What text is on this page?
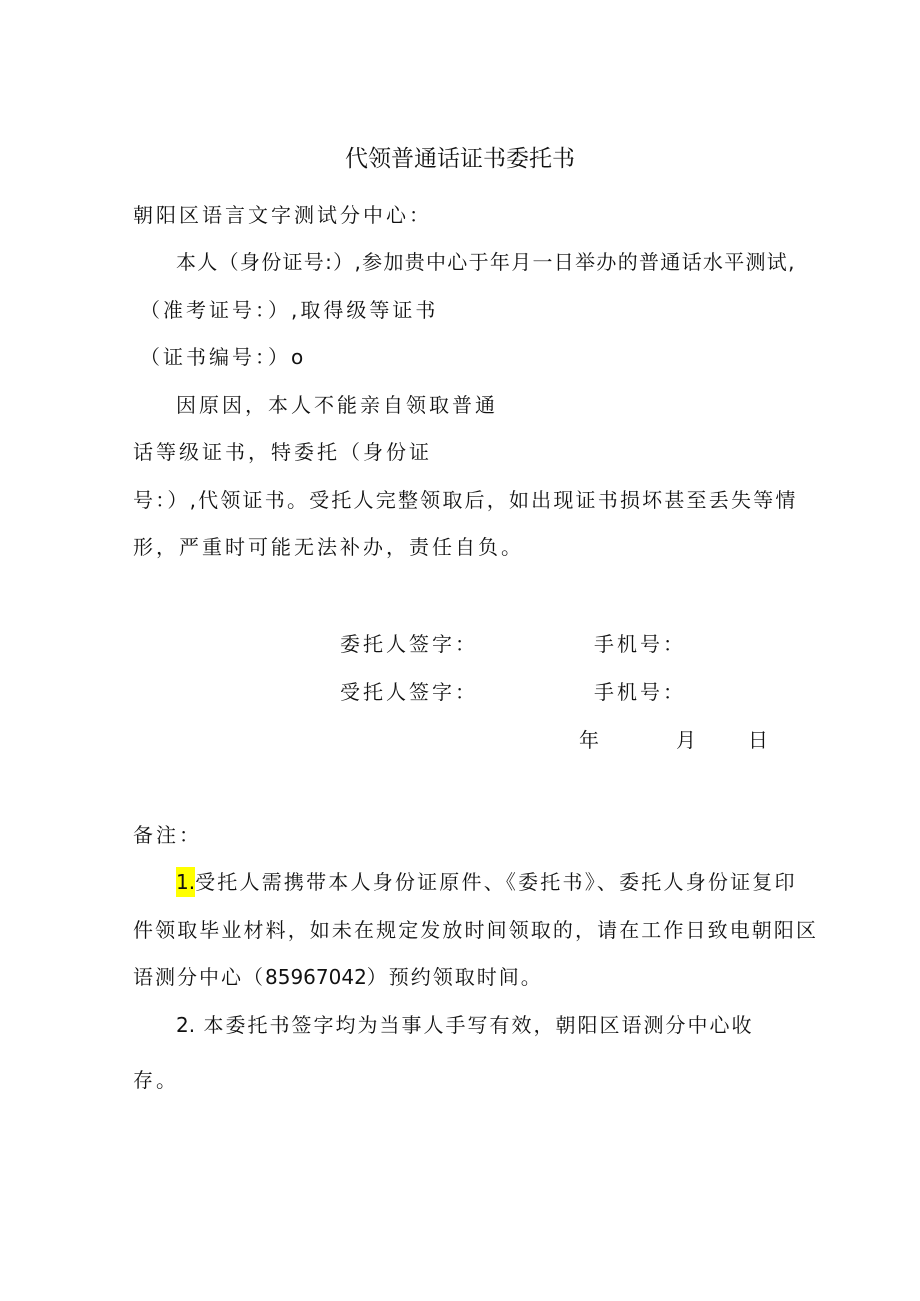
代领普通话证书委托书
朝阳区语言文字测试分中心：
本人（身份证号:）,参加贵中心于年月一日举办的普通话水平测试,
（准考证号：）,取得级等证书
（证书编号：）o
因原因，本人不能亲自领取普通
话等级证书，特委托（身份证
号：）,代领证书。受托人完整领取后，如出现证书损坏甚至丢失等情
形，严重时可能无法补办，责任自负。
委托人签字：	手机号：
受托人签字：	手机号：
年	月 日
备注：
1.受托人需携带本人身份证原件、《委托书》、委托人身份证复印
件领取毕业材料，如未在规定发放时间领取的，请在工作日致电朝阳区
语测分中心（85967042）预约领取时间。
2. 本委托书签字均为当事人手写有效，朝阳区语测分中心收
存。
